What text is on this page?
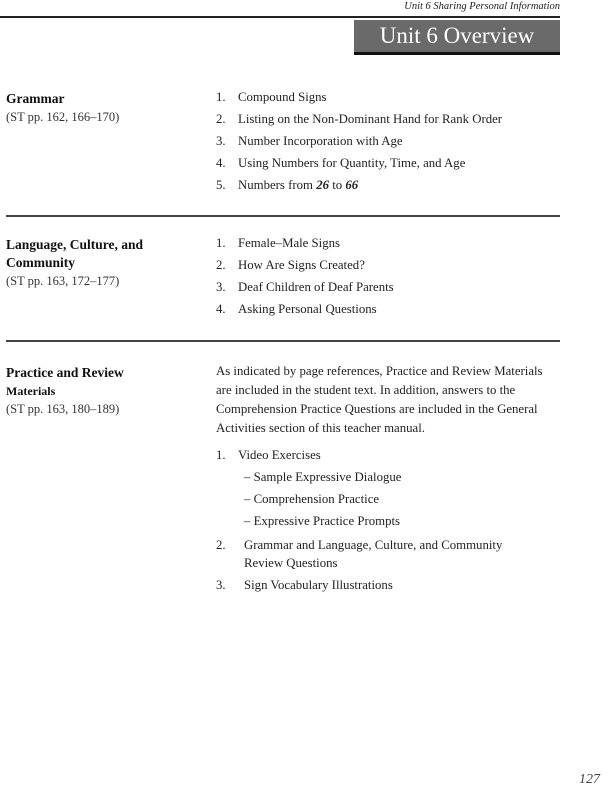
Unit 6 Sharing Personal Information
Unit 6 Overview
Grammar
(ST pp. 162, 166–170)
1. Compound Signs
2. Listing on the Non-Dominant Hand for Rank Order
3. Number Incorporation with Age
4. Using Numbers for Quantity, Time, and Age
5. Numbers from 26 to 66
Language, Culture, and
Community
(ST pp. 163, 172–177)
1. Female–Male Signs
2. How Are Signs Created?
3. Deaf Children of Deaf Parents
4. Asking Personal Questions
Practice and Review
Materials
(ST pp. 163, 180–189)
As indicated by page references, Practice and Review Materials are included in the student text. In addition, answers to the Comprehension Practice Questions are included in the General Activities section of this teacher manual.
1. Video Exercises
– Sample Expressive Dialogue
– Comprehension Practice
– Expressive Practice Prompts
2.	Grammar and Language, Culture, and Community Review Questions
3.	Sign Vocabulary Illustrations
127
